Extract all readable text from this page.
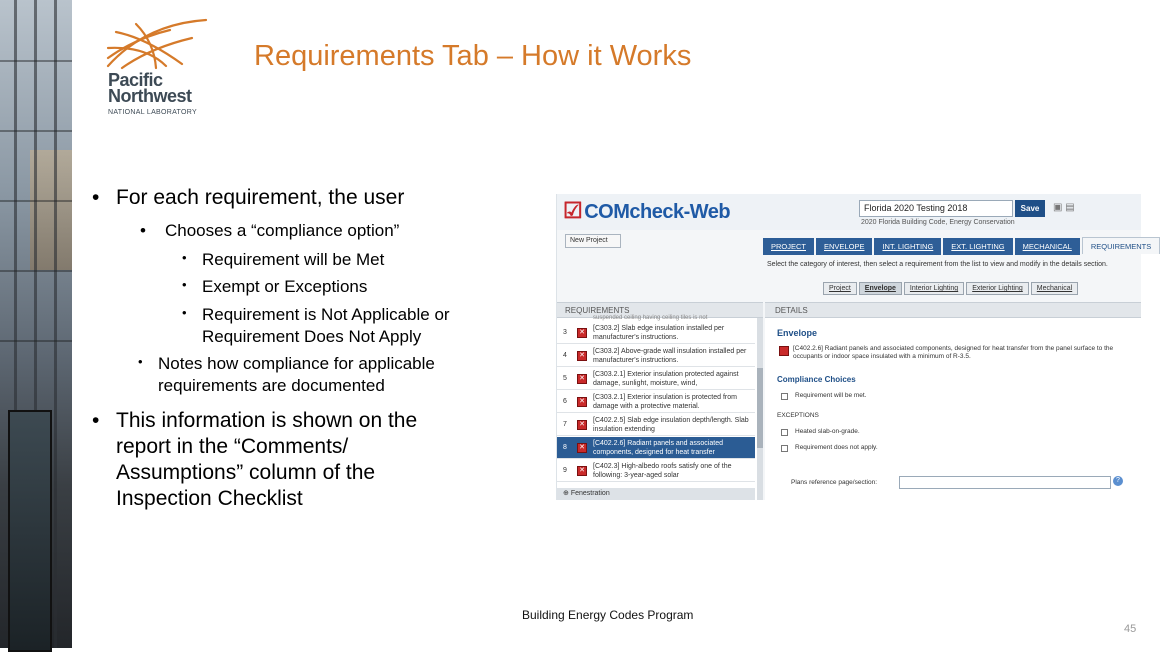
Pacific
Northwest
NATIONAL LABORATORY
Requirements Tab – How it Works
• For each requirement, the user
• Chooses a “compliance option”
• Requirement will be Met
• Exempt or Exceptions
• Requirement is Not Applicable or
Requirement Does Not Apply
• Notes how compliance for applicable
requirements are documented
• This information is shown on the
report in the “Comments/
Assumptions” column of the
Inspection Checklist
☑ COMcheck-Web	Florida 2020 Testing 2018	Save	▣ ▤
2020 Florida Building Code, Energy Conservation
New Project
PROJECT ENVELOPE INT. LIGHTING EXT. LIGHTING MECHANICAL	REQUIREMENTS
Select the category of interest, then select a requirement from the list to view and modify in the details section.
Project Envelope Interior Lighting Exterior Lighting Mechanical
REQUIREMENTS	DETAILS
suspended ceiling having ceiling tiles is not
3	✕
[C303.2] Slab edge insulation installed per manufacturer's instructions.
4	✕
[C303.2] Above-grade wall insulation installed per manufacturer's instructions.
5	✕
[C303.2.1] Exterior insulation protected against damage, sunlight, moisture, wind,
6	✕
[C303.2.1] Exterior insulation is protected from damage with a protective material.
7	✕
[C402.2.5] Slab edge insulation depth/length. Slab insulation extending
8	✕
[C402.2.6] Radiant panels and associated components, designed for heat transfer
9	✕
[C402.3] High-albedo roofs satisfy one of the following: 3-year-aged solar
⊕ Fenestration
Envelope
[C402.2.6] Radiant panels and associated components, designed for heat transfer from the panel surface to the occupants or indoor space insulated with a minimum of R-3.5.
Compliance Choices
Requirement will be met.
EXCEPTIONS
Heated slab-on-grade.
Requirement does not apply.
Plans reference page/section:	?
Building Energy Codes Program
45
